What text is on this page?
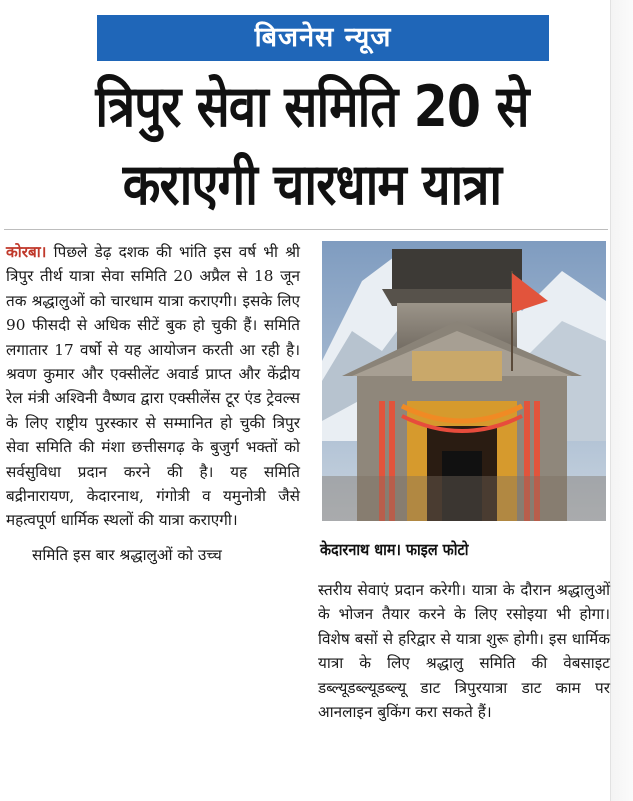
बिजनेस न्यूज
त्रिपुर सेवा समिति 20 से
कराएगी चारधाम यात्रा

कोरबा। पिछले डेढ़ दशक की भांति इस वर्ष भी श्री त्रिपुर तीर्थ यात्रा सेवा समिति 20 अप्रैल से 18 जून तक श्रद्धालुओं को चारधाम यात्रा कराएगी। इसके लिए 90 फीसदी से अधिक सीटें बुक हो चुकी हैं। समिति लगातार 17 वर्षो से यह आयोजन करती आ रही है। श्रवण कुमार और एक्सीलेंट अवार्ड प्राप्त और केंद्रीय रेल मंत्री अश्विनी वैष्णव द्वारा एक्सीलेंस टूर एंड ट्रेवल्स के लिए राष्ट्रीय पुरस्कार से सम्मानित हो चुकी त्रिपुर सेवा समिति की मंशा छत्तीसगढ़ के बुजुर्ग भक्तों को सर्वसुविधा प्रदान करने की है। यह समिति बद्रीनारायण, केदारनाथ, गंगोत्री व यमुनोत्री जैसे महत्वपूर्ण धार्मिक स्थलों की यात्रा कराएगी।

समिति इस बार श्रद्धालुओं को उच्च	केदारनाथ धाम। फाइल फोटो

स्तरीय सेवाएं प्रदान करेगी। यात्रा के दौरान श्रद्धालुओं के भोजन तैयार करने के लिए रसोइया भी होगा। विशेष बसों से हरिद्वार से यात्रा शुरू होगी। इस धार्मिक यात्रा के लिए श्रद्धालु समिति की वेबसाइट डब्ल्यूडब्ल्यूडब्ल्यू डाट त्रिपुरयात्रा डाट काम पर आनलाइन बुकिंग करा सकते हैं।
